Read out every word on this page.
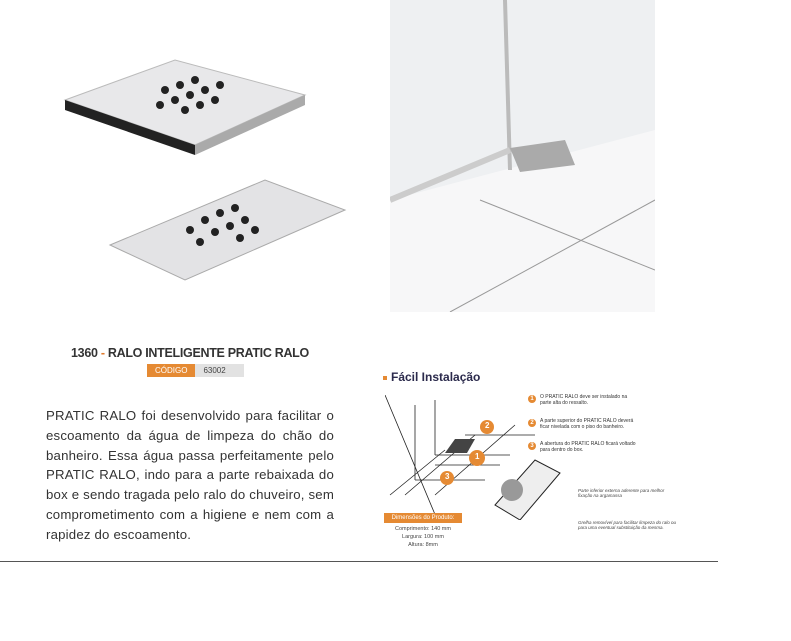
1360 - RALO INTELIGENTE PRATIC RALO
CÓDIGO	63002
PRATIC RALO foi desenvolvido para facilitar o escoamento da água de limpeza do chão do banheiro. Essa água passa perfeitamente pelo PRATIC RALO, indo para a parte rebaixada do box e sendo tragada pelo ralo do chuveiro, sem comprometimento com a higiene e nem com a rapidez do escoamento.
Fácil Instalação
2
1
3
1	O PRATIC RALO deve ser instalado na parte alta do ressalto.
2	A parte superior do PRATIC RALO deverá ficar nivelada com o piso do banheiro.
3	A abertura do PRATIC RALO ficará voltado para dentro do box.
Parte inferior externa aderente para melhor fixação na argamassa
Grelha removível para facilitar limpeza do ralo ou para uma eventual substituição da mesma.
Dimensões do Produto:
Comprimento: 140 mm
Largura: 100 mm
Altura: 8mm
